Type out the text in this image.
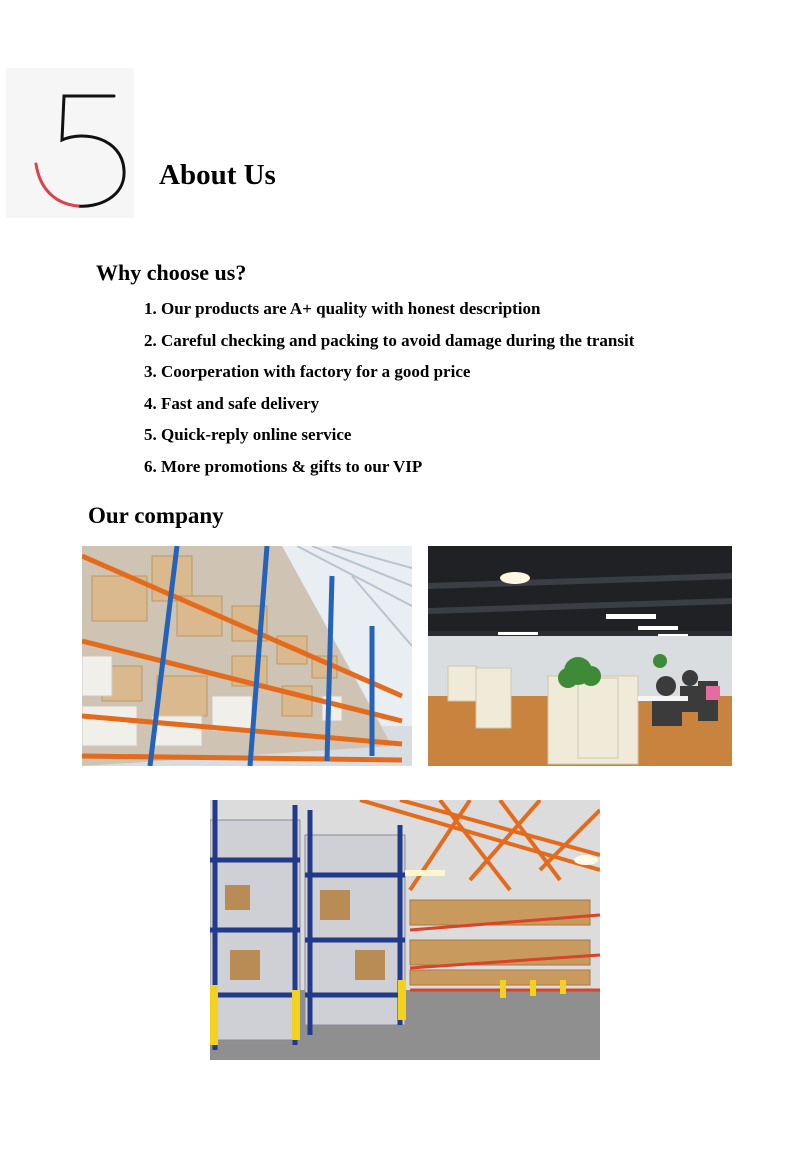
About Us
Why choose us?
1. Our products are A+ quality with honest description
2. Careful checking and packing to avoid damage during the transit
3. Coorperation with factory for a good price
4. Fast and safe delivery
5. Quick-reply online service
6. More promotions & gifts to our VIP
Our company
